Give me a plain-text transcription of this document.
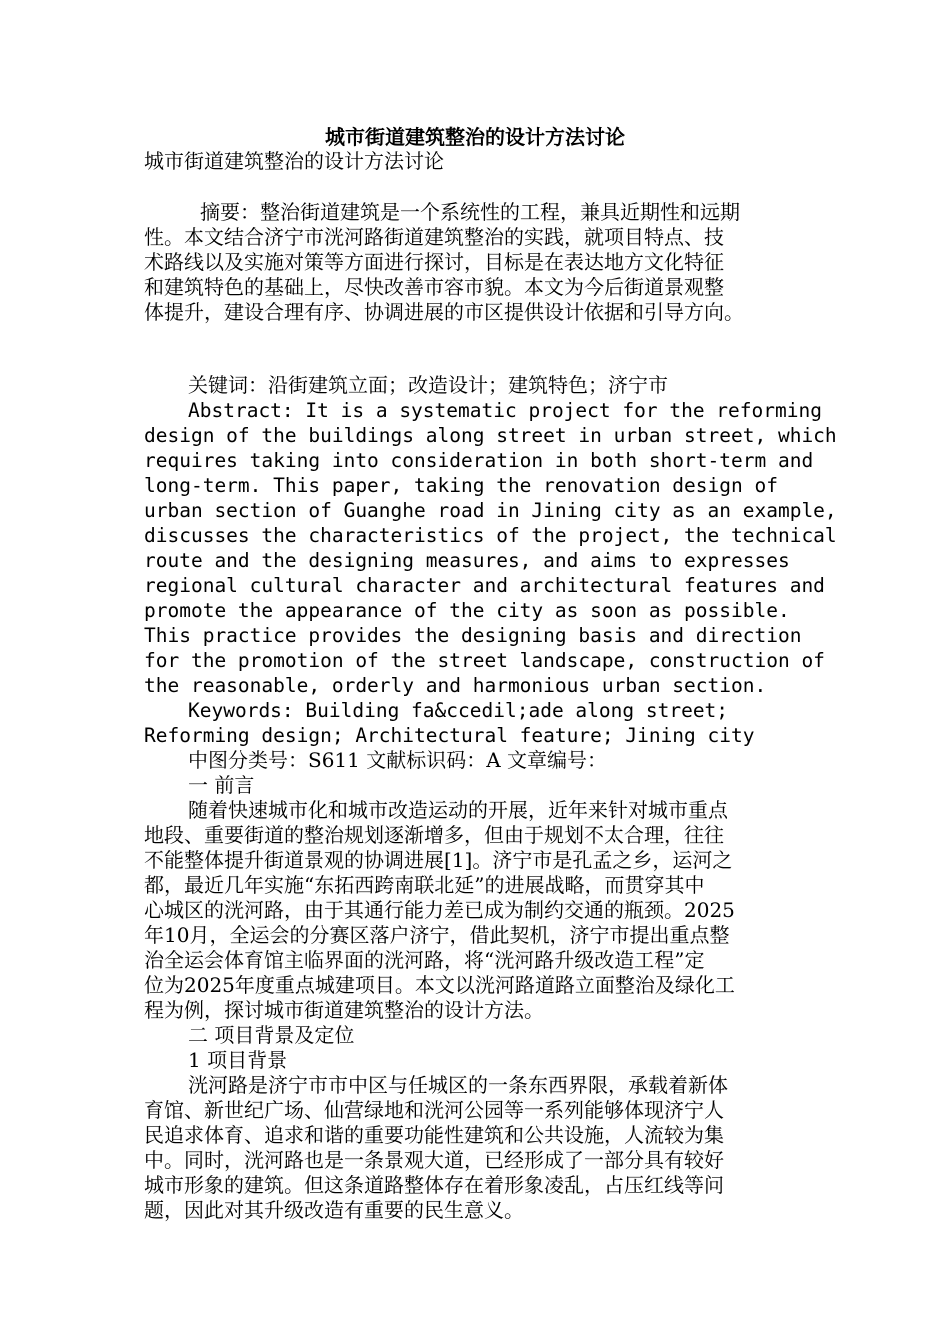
城市街道建筑整治的设计方法讨论
城市街道建筑整治的设计方法讨论
摘要：整治街道建筑是一个系统性的工程，兼具近期性和远期
性。本文结合济宁市洸河路街道建筑整治的实践，就项目特点、技
术路线以及实施对策等方面进行探讨，目标是在表达地方文化特征
和建筑特色的基础上，尽快改善市容市貌。本文为今后街道景观整
体提升，建设合理有序、协调进展的市区提供设计依据和引导方向。
关键词：沿街建筑立面；改造设计；建筑特色；济宁市
Abstract: It is a systematic project for the reforming
design of the buildings along street in urban street, which
requires taking into consideration in both short-term and
long-term. This paper, taking the renovation design of
urban section of Guanghe road in Jining city as an example,
discusses the characteristics of the project, the technical
route and the designing measures, and aims to expresses
regional cultural character and architectural features and
promote the appearance of the city as soon as possible.
This practice provides the designing basis and direction
for the promotion of the street landscape, construction of
the reasonable, orderly and harmonious urban section.
Keywords: Building fa&ccedil;ade along street;
Reforming design; Architectural feature; Jining city
中图分类号：S611 文献标识码：A 文章编号：
一 前言
随着快速城市化和城市改造运动的开展，近年来针对城市重点
地段、重要街道的整治规划逐渐增多，但由于规划不太合理，往往
不能整体提升街道景观的协调进展[1]。济宁市是孔孟之乡，运河之
都，最近几年实施“东拓西跨南联北延”的进展战略，而贯穿其中
心城区的洸河路，由于其通行能力差已成为制约交通的瓶颈。2025
年10月，全运会的分赛区落户济宁，借此契机，济宁市提出重点整
治全运会体育馆主临界面的洸河路，将“洸河路升级改造工程”定
位为2025年度重点城建项目。本文以洸河路道路立面整治及绿化工
程为例，探讨城市街道建筑整治的设计方法。
二 项目背景及定位
1 项目背景
洸河路是济宁市市中区与任城区的一条东西界限，承载着新体
育馆、新世纪广场、仙营绿地和洸河公园等一系列能够体现济宁人
民追求体育、追求和谐的重要功能性建筑和公共设施，人流较为集
中。同时，洸河路也是一条景观大道，已经形成了一部分具有较好
城市形象的建筑。但这条道路整体存在着形象凌乱，占压红线等问
题，因此对其升级改造有重要的民生意义。
